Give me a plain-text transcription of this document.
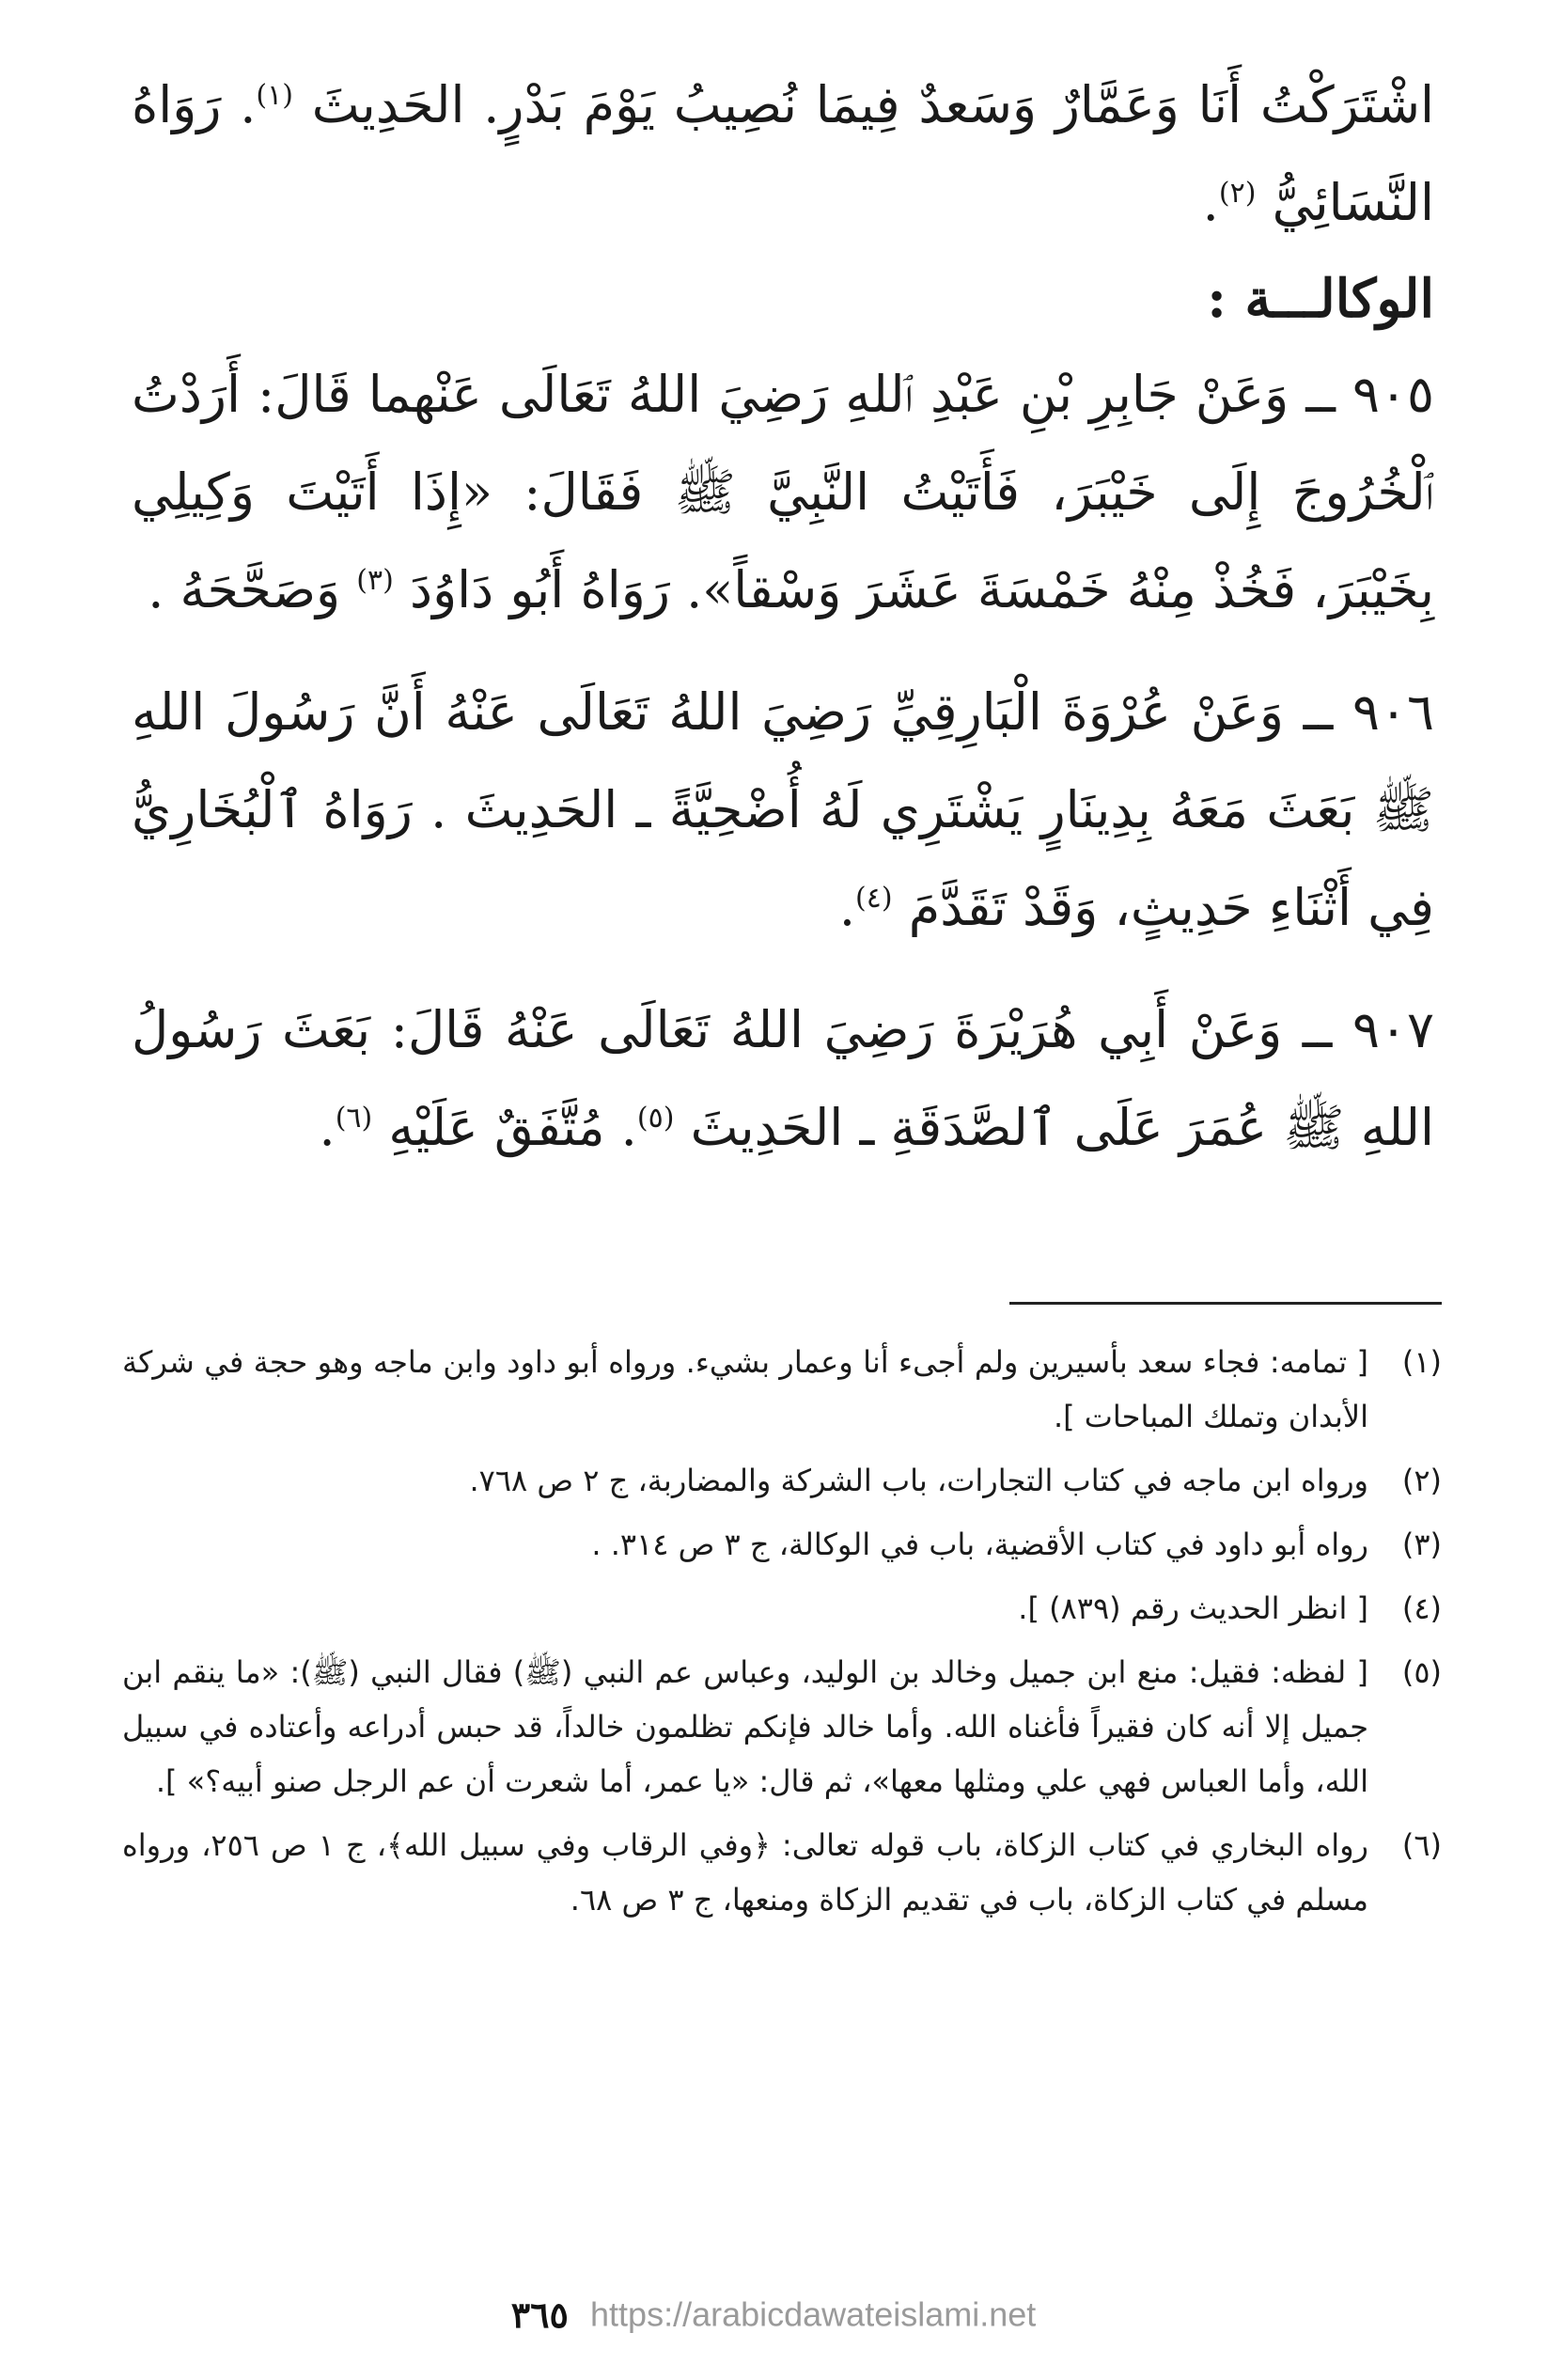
اشْتَرَكْتُ أَنَا وَعَمَّارٌ وَسَعدٌ فِيمَا نُصِيبُ يَوْمَ بَدْرٍ. الحَدِيثَ $^{(١)}$. رَوَاهُ النَّسَائِيُّ $^{(٢)}$.

الوكالـــة :

٩٠٥ ــ وَعَنْ جَابِرِ بْنِ عَبْدِ ٱللهِ رَضِيَ اللهُ تَعَالَى عَنْهما قَالَ: أَرَدْتُ ٱلْخُرُوجَ إِلَى خَيْبَرَ، فَأَتَيْتُ النَّبِيَّ ﷺ فَقَالَ: «إِذَا أَتَيْتَ وَكِيلِي بِخَيْبَرَ، فَخُذْ مِنْهُ خَمْسَةَ عَشَرَ وَسْقاً». رَوَاهُ أَبُو دَاوُدَ $^{(٣)}$ وَصَحَّحَهُ .

٩٠٦ ــ وَعَنْ عُرْوَةَ الْبَارِقِيِّ رَضِيَ اللهُ تَعَالَى عَنْهُ أَنَّ رَسُولَ اللهِ ﷺ بَعَثَ مَعَهُ بِدِينَارٍ يَشْتَرِي لَهُ أُضْحِيَّةً ـ الحَدِيثَ . رَوَاهُ ٱلْبُخَارِيُّ فِي أَثْنَاءِ حَدِيثٍ، وَقَدْ تَقَدَّمَ $^{(٤)}$.

٩٠٧ ــ وَعَنْ أَبِي هُرَيْرَةَ رَضِيَ اللهُ تَعَالَى عَنْهُ قَالَ: بَعَثَ رَسُولُ اللهِ ﷺ عُمَرَ عَلَى ٱلصَّدَقَةِ ـ الحَدِيثَ $^{(٥)}$. مُتَّفَقٌ عَلَيْهِ $^{(٦)}$.

(١)
[ تمامه: فجاء سعد بأسيرين ولم أجىء أنا وعمار بشيء. ورواه أبو داود وابن ماجه وهو حجة في شركة الأبدان وتملك المباحات ].
(٢)
ورواه ابن ماجه في كتاب التجارات، باب الشركة والمضاربة، ج ٢ ص ٧٦٨.
(٣)
رواه أبو داود في كتاب الأقضية، باب في الوكالة، ج ٣ ص ٣١٤. .
(٤)
[ انظر الحديث رقم (٨٣٩) ].
(٥)
[ لفظه: فقيل: منع ابن جميل وخالد بن الوليد، وعباس عم النبي (ﷺ) فقال النبي (ﷺ): «ما ينقم ابن جميل إلا أنه كان فقيراً فأغناه الله. وأما خالد فإنكم تظلمون خالداً، قد حبس أدراعه وأعتاده في سبيل الله، وأما العباس فهي علي ومثلها معها»، ثم قال: «يا عمر، أما شعرت أن عم الرجل صنو أبيه؟» ].
(٦)
رواه البخاري في كتاب الزكاة، باب قوله تعالى: ﴿وفي الرقاب وفي سبيل الله﴾، ج ١ ص ٢٥٦، ورواه مسلم في كتاب الزكاة، باب في تقديم الزكاة ومنعها، ج ٣ ص ٦٨.
٣٦٥ https://arabicdawateislami.net
